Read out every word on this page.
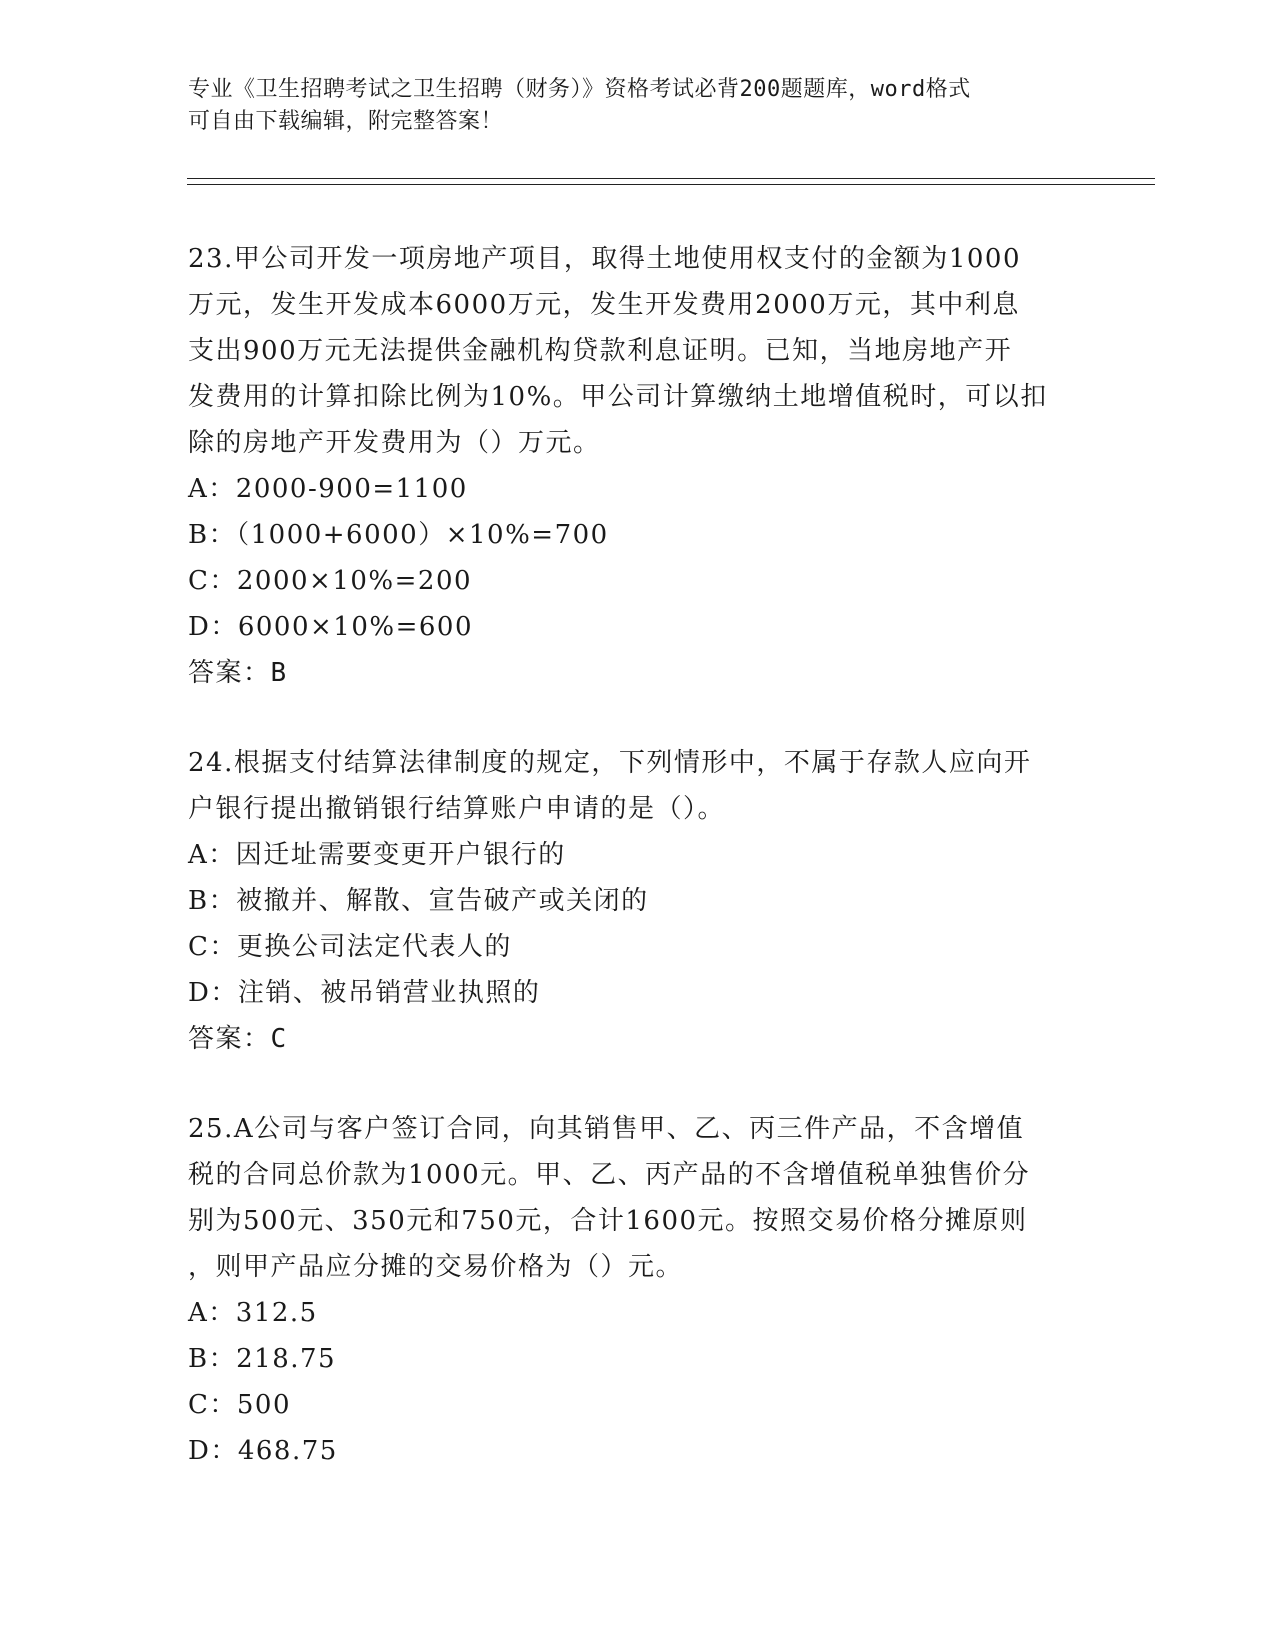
专业《卫生招聘考试之卫生招聘（财务）》资格考试必背200题题库，word格式
可自由下载编辑，附完整答案！
23.甲公司开发一项房地产项目，取得土地使用权支付的金额为1000
万元，发生开发成本6000万元，发生开发费用2000万元，其中利息
支出900万元无法提供金融机构贷款利息证明。已知，当地房地产开
发费用的计算扣除比例为10%。甲公司计算缴纳土地增值税时，可以扣
除的房地产开发费用为（）万元。
A：2000-900=1100
B：（1000+6000）×10%=700
C：2000×10%=200
D：6000×10%=600
答案：B
24.根据支付结算法律制度的规定，下列情形中，不属于存款人应向开
户银行提出撤销银行结算账户申请的是（）。
A：因迁址需要变更开户银行的
B：被撤并、解散、宣告破产或关闭的
C：更换公司法定代表人的
D：注销、被吊销营业执照的
答案：C
25.A公司与客户签订合同，向其销售甲、乙、丙三件产品，不含增值
税的合同总价款为1000元。甲、乙、丙产品的不含增值税单独售价分
别为500元、350元和750元，合计1600元。按照交易价格分摊原则
，则甲产品应分摊的交易价格为（）元。
A：312.5
B：218.75
C：500
D：468.75
